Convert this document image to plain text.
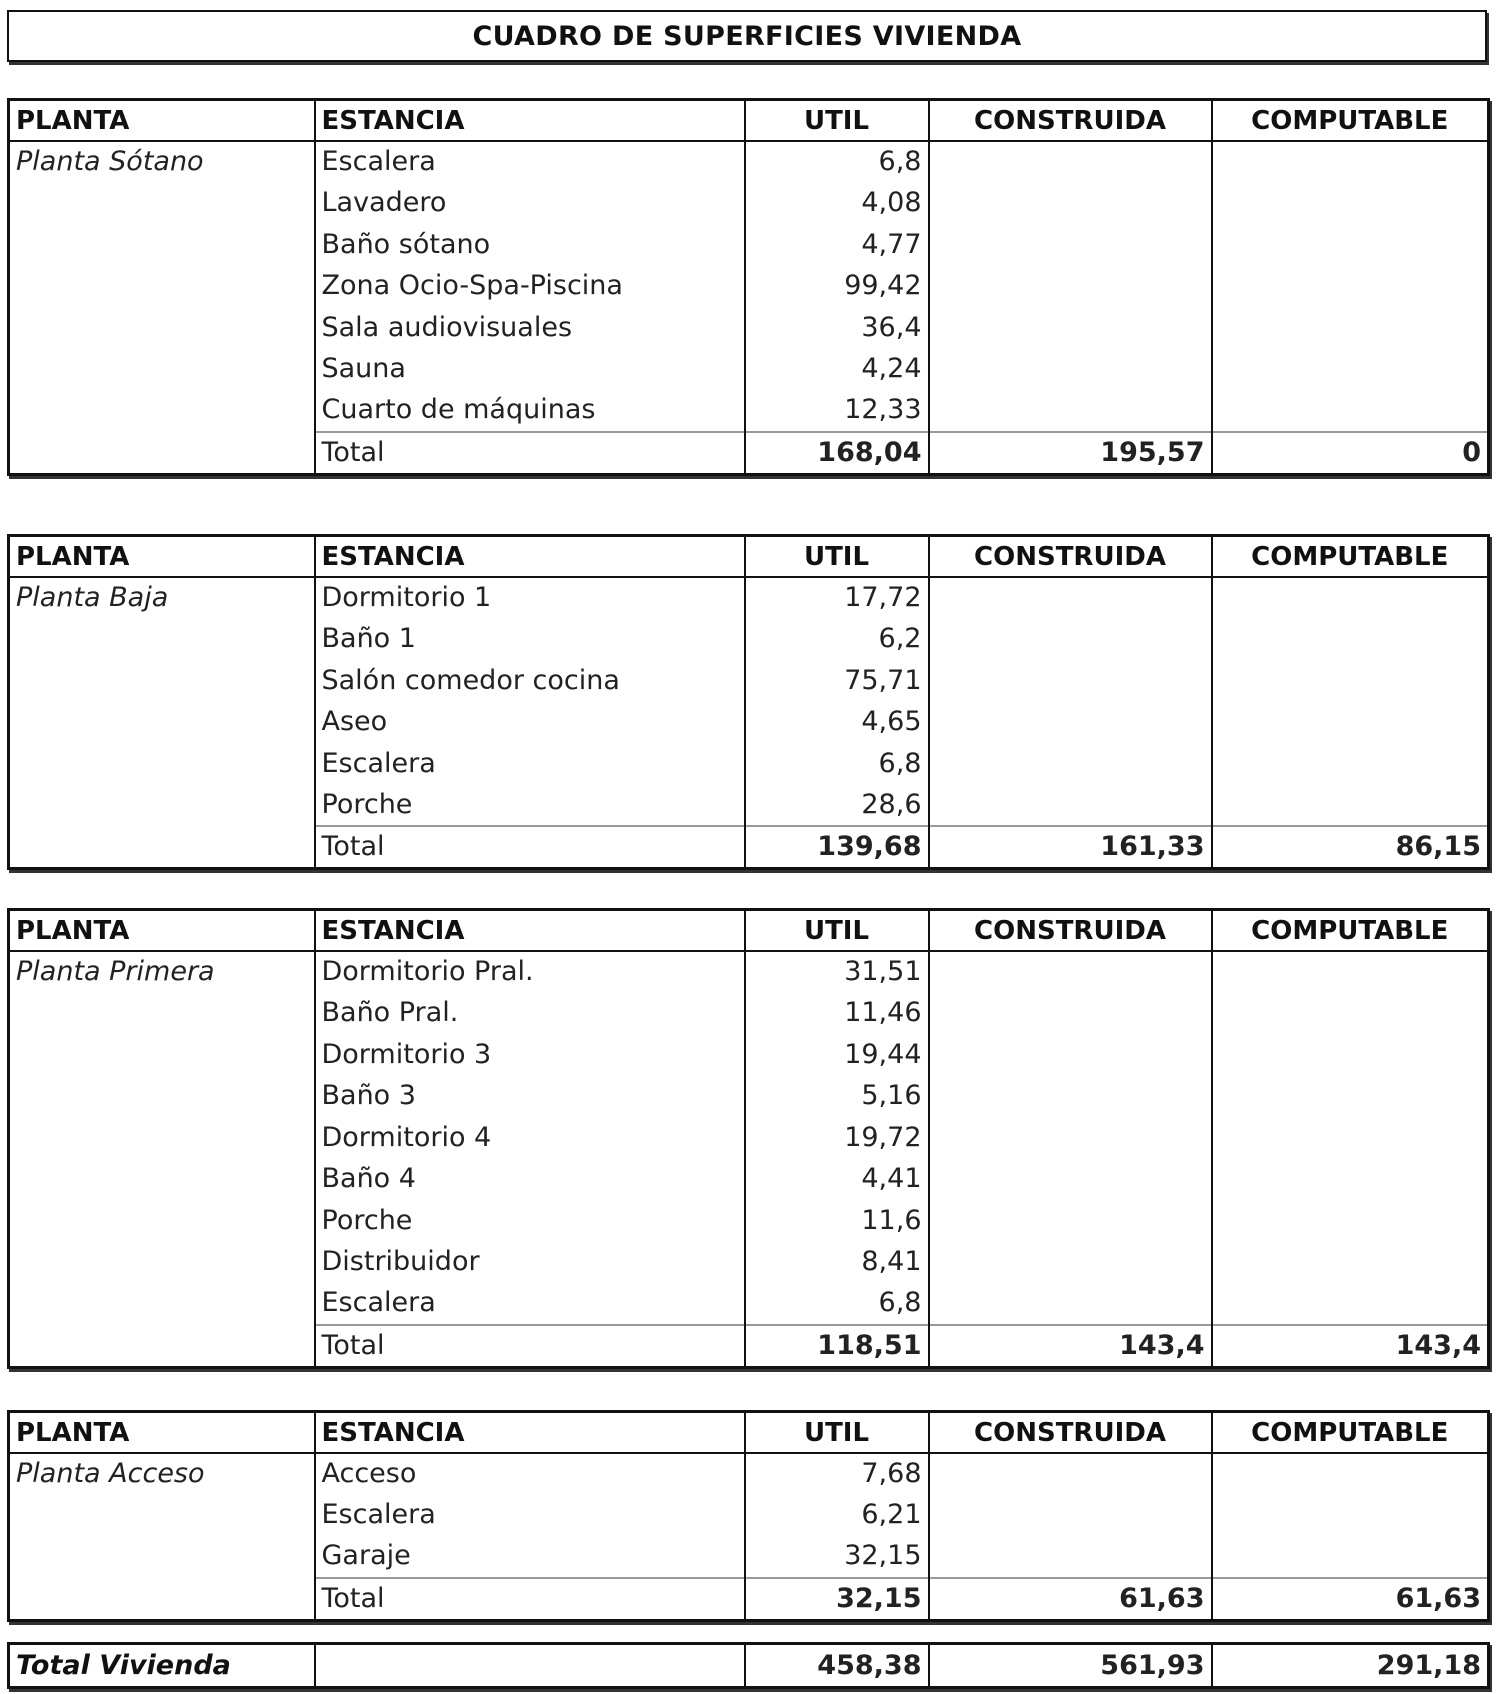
CUADRO DE SUPERFICIES VIVIENDA
PLANTA	ESTANCIA	UTIL	CONSTRUIDA	COMPUTABLE
Planta Sótano	Escalera	6,8		
	Lavadero	4,08		
	Baño sótano	4,77		
	Zona Ocio-Spa-Piscina	99,42		
	Sala audiovisuales	36,4		
	Sauna	4,24		
	Cuarto de máquinas	12,33		
	Total	168,04	195,57	0
PLANTA	ESTANCIA	UTIL	CONSTRUIDA	COMPUTABLE
Planta Baja	Dormitorio 1	17,72		
	Baño 1	6,2		
	Salón comedor cocina	75,71		
	Aseo	4,65		
	Escalera	6,8		
	Porche	28,6		
	Total	139,68	161,33	86,15
PLANTA	ESTANCIA	UTIL	CONSTRUIDA	COMPUTABLE
Planta Primera	Dormitorio Pral.	31,51		
	Baño Pral.	11,46		
	Dormitorio 3	19,44		
	Baño 3	5,16		
	Dormitorio 4	19,72		
	Baño 4	4,41		
	Porche	11,6		
	Distribuidor	8,41		
	Escalera	6,8		
	Total	118,51	143,4	143,4
PLANTA	ESTANCIA	UTIL	CONSTRUIDA	COMPUTABLE
Planta Acceso	Acceso	7,68		
	Escalera	6,21		
	Garaje	32,15		
	Total	32,15	61,63	61,63
Total Vivienda		458,38	561,93	291,18
